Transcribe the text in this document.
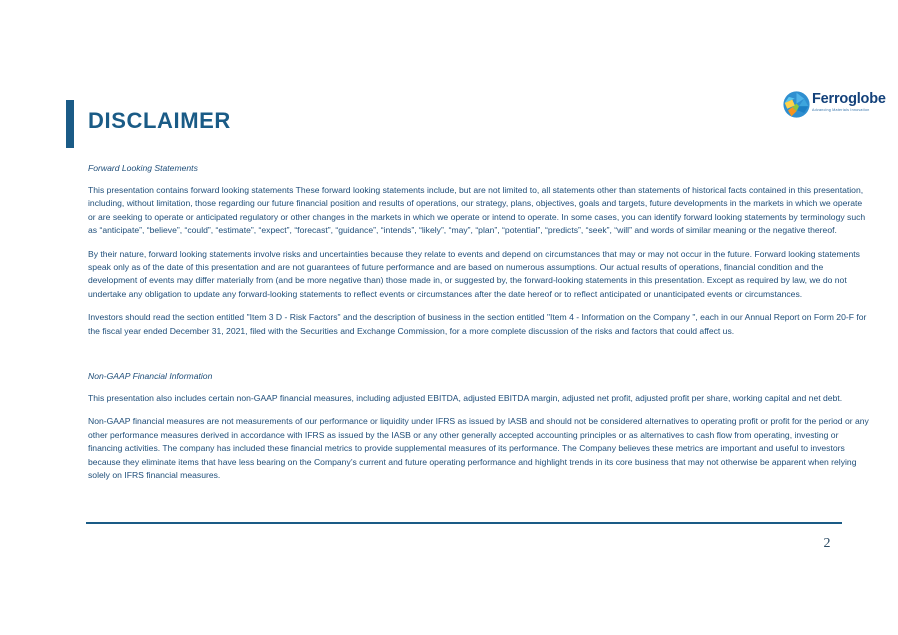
DISCLAIMER
Ferroglobe
Advancing Materials Innovation
Forward Looking Statements

This presentation contains forward looking statements These forward looking statements include, but are not limited to, all statements other than statements of historical facts contained in this presentation, including, without limitation, those regarding our future financial position and results of operations, our strategy, plans, objectives, goals and targets, future developments in the markets in which we operate or are seeking to operate or anticipated regulatory or other changes in the markets in which we operate or intend to operate. In some cases, you can identify forward looking statements by terminology such as “anticipate”, “believe”, “could”, “estimate”, “expect”, “forecast”, “guidance”, “intends”, “likely”, “may”, “plan”, “potential”, “predicts”, “seek”, “will” and words of similar meaning or the negative thereof.

By their nature, forward looking statements involve risks and uncertainties because they relate to events and depend on circumstances that may or may not occur in the future. Forward looking statements speak only as of the date of this presentation and are not guarantees of future performance and are based on numerous assumptions. Our actual results of operations, financial condition and the development of events may differ materially from (and be more negative than) those made in, or suggested by, the forward-looking statements in this presentation. Except as required by law, we do not undertake any obligation to update any forward-looking statements to reflect events or circumstances after the date hereof or to reflect anticipated or unanticipated events or circumstances.

Investors should read the section entitled "Item 3 D - Risk Factors" and the description of business in the section entitled "Item 4 - Information on the Company ", each in our Annual Report on Form 20-F for the fiscal year ended December 31, 2021, filed with the Securities and Exchange Commission, for a more complete discussion of the risks and factors that could affect us.

Non-GAAP Financial Information

This presentation also includes certain non-GAAP financial measures, including adjusted EBITDA, adjusted EBITDA margin, adjusted net profit, adjusted profit per share, working capital and net debt.

Non-GAAP financial measures are not measurements of our performance or liquidity under IFRS as issued by IASB and should not be considered alternatives to operating profit or profit for the period or any other performance measures derived in accordance with IFRS as issued by the IASB or any other generally accepted accounting principles or as alternatives to cash flow from operating, investing or financing activities. The company has included these financial metrics to provide supplemental measures of its performance. The Company believes these metrics are important and useful to investors because they eliminate items that have less bearing on the Company’s current and future operating performance and highlight trends in its core business that may not otherwise be apparent when relying solely on IFRS financial measures.

2
